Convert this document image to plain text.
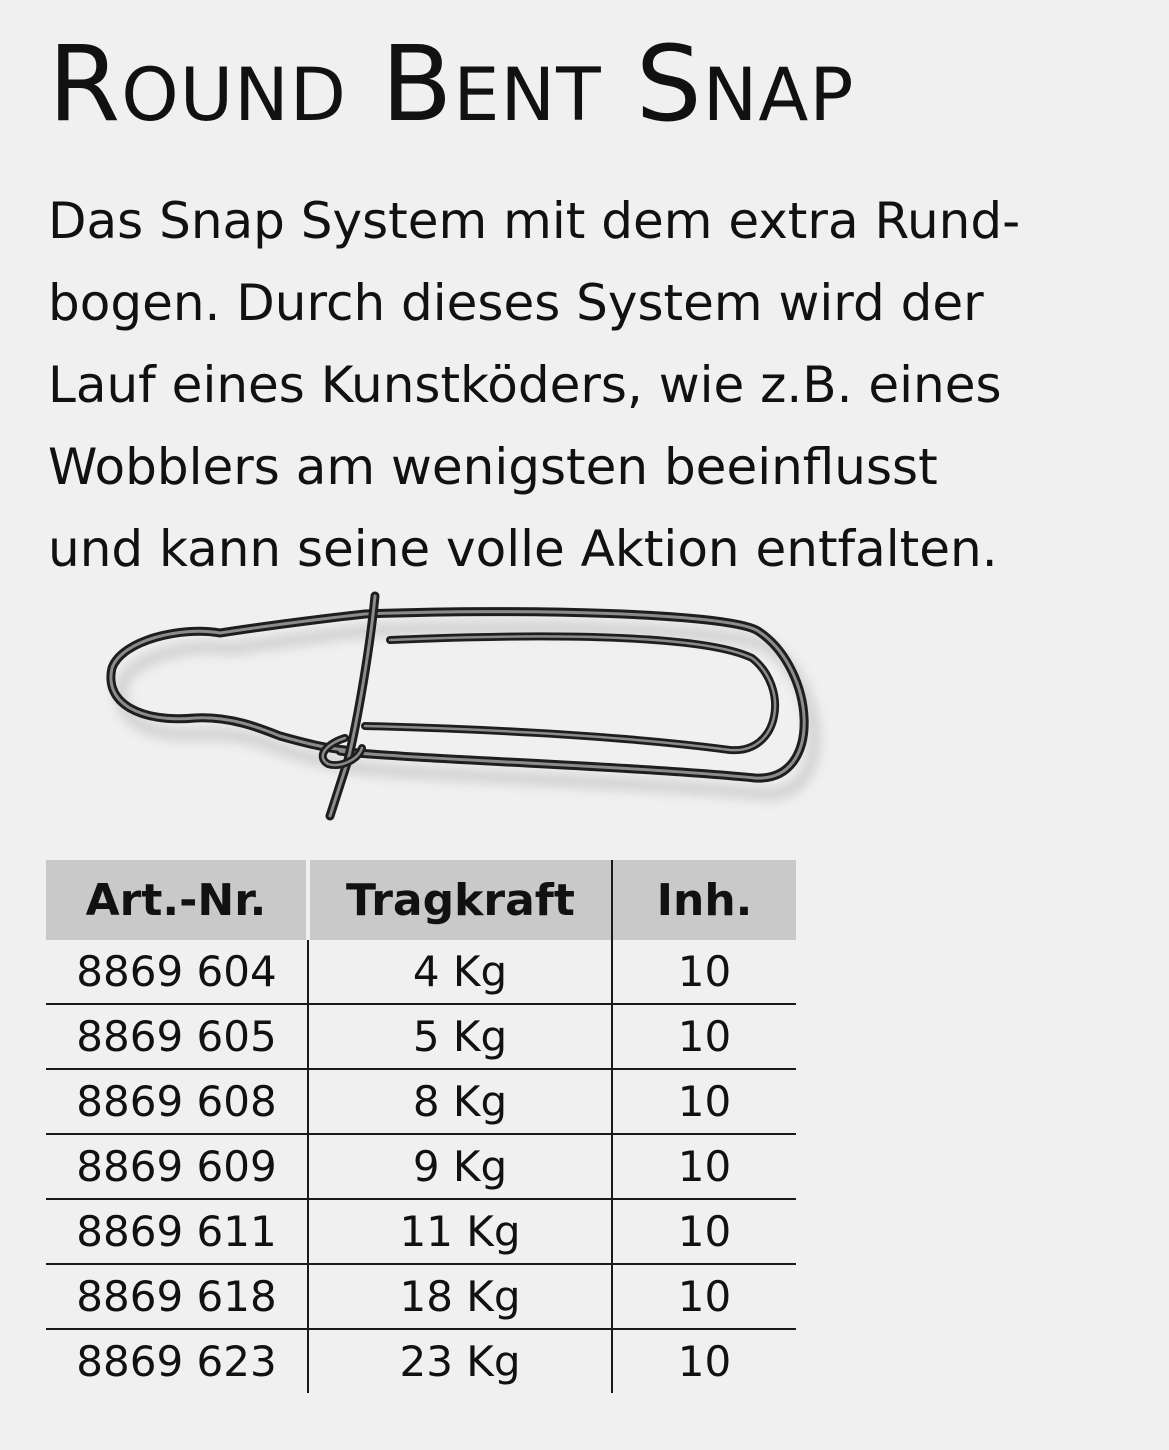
Round Bent Snap

Das Snap System mit dem extra Rund-
bogen. Durch dieses System wird der
Lauf eines Kunstköders, wie z.B. eines
Wobblers am wenigsten beeinflusst
und kann seine volle Aktion entfalten.

Art.-Nr.	Tragkraft	Inh.
8869 604	4 Kg	10
8869 605	5 Kg	10
8869 608	8 Kg	10
8869 609	9 Kg	10
8869 611	11 Kg	10
8869 618	18 Kg	10
8869 623	23 Kg	10
